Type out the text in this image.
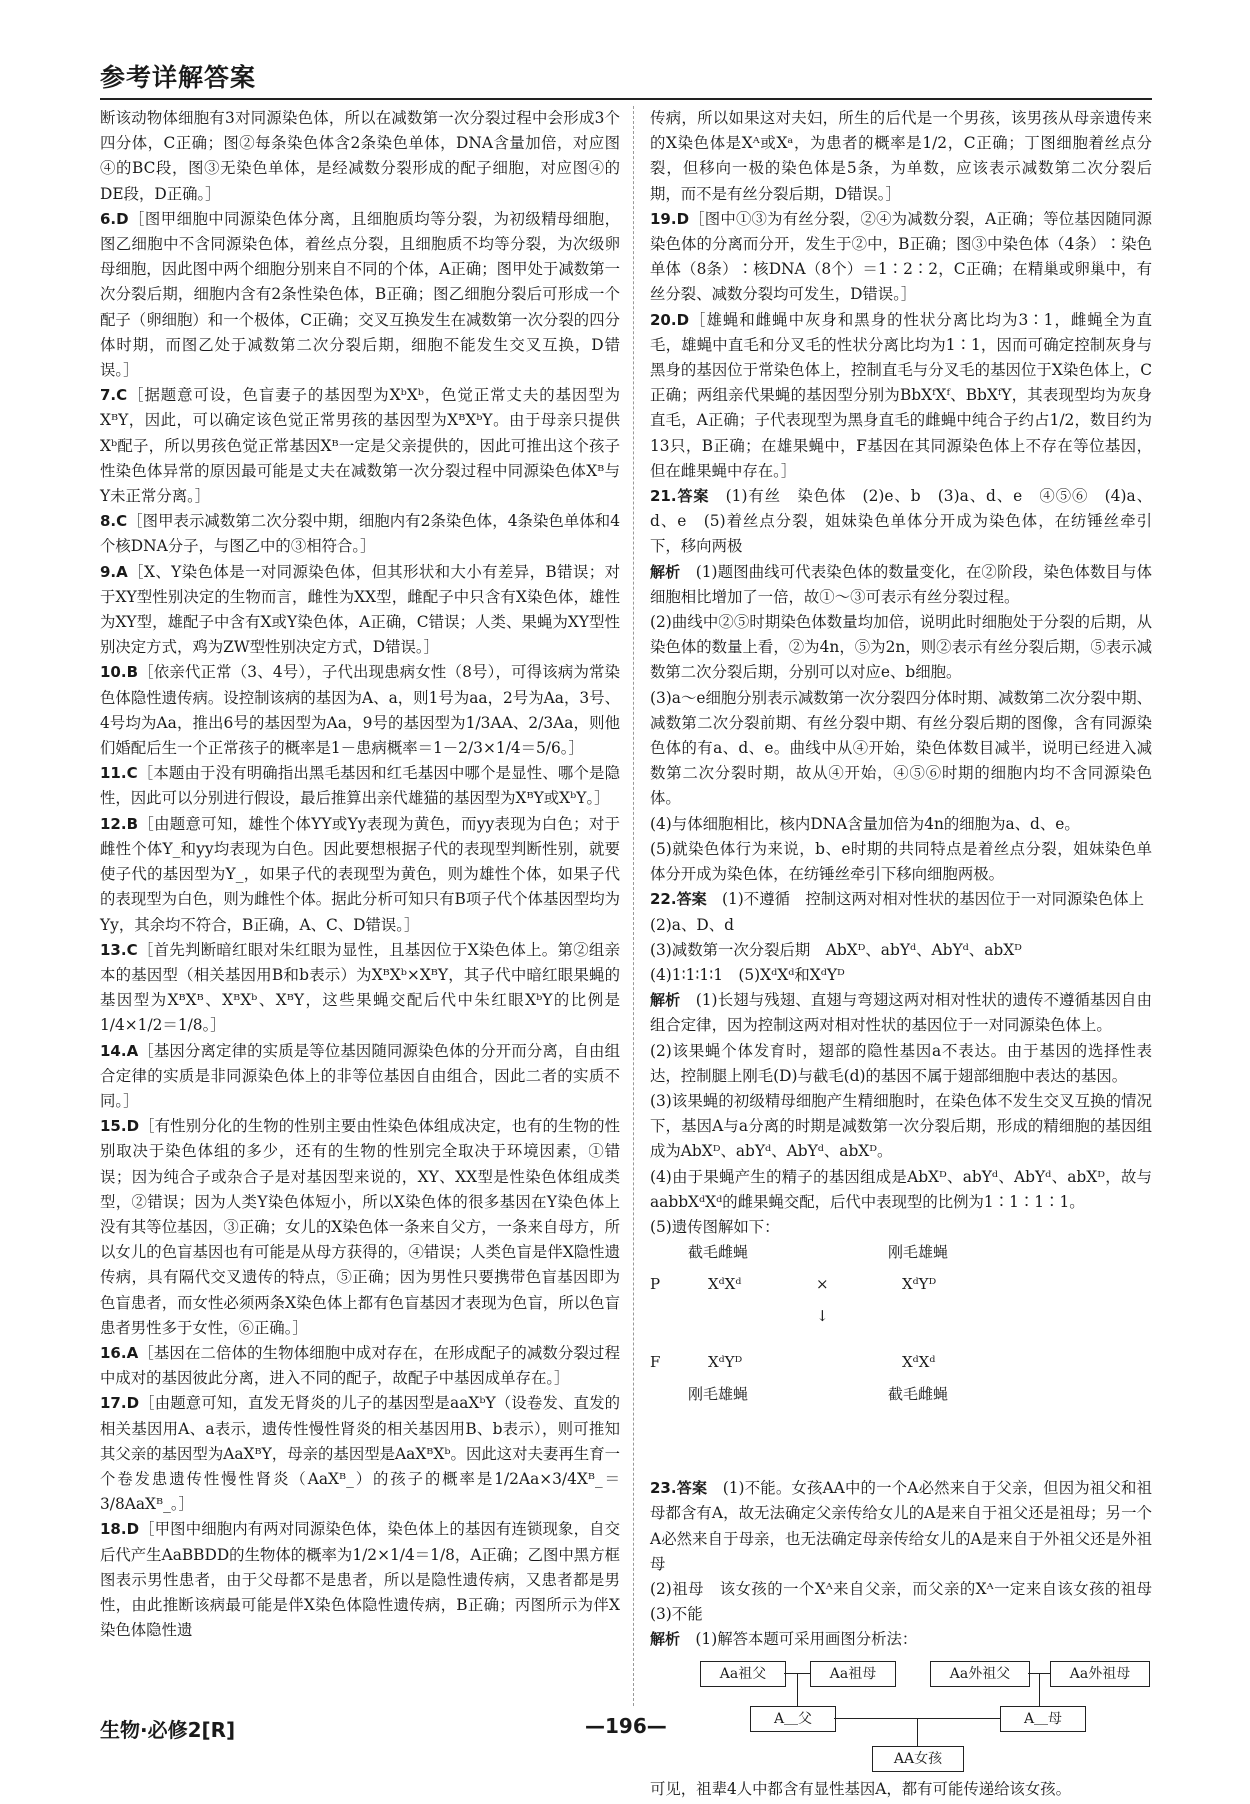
参考详解答案

断该动物体细胞有3对同源染色体，所以在减数第一次分裂过程中会形成3个四分体，C正确；图②每条染色体含2条染色单体，DNA含量加倍，对应图④的BC段，图③无染色单体，是经减数分裂形成的配子细胞，对应图④的DE段，D正确。］

6.D［图甲细胞中同源染色体分离，且细胞质均等分裂，为初级精母细胞，图乙细胞中不含同源染色体，着丝点分裂，且细胞质不均等分裂，为次级卵母细胞，因此图中两个细胞分别来自不同的个体，A正确；图甲处于减数第一次分裂后期，细胞内含有2条性染色体，B正确；图乙细胞分裂后可形成一个配子（卵细胞）和一个极体，C正确；交叉互换发生在减数第一次分裂的四分体时期，而图乙处于减数第二次分裂后期，细胞不能发生交叉互换，D错误。］

7.C［据题意可设，色盲妻子的基因型为XᵇXᵇ，色觉正常丈夫的基因型为XᴮY，因此，可以确定该色觉正常男孩的基因型为XᴮXᵇY。由于母亲只提供Xᵇ配子，所以男孩色觉正常基因Xᴮ一定是父亲提供的，因此可推出这个孩子性染色体异常的原因最可能是丈夫在减数第一次分裂过程中同源染色体Xᴮ与Y未正常分离。］

8.C［图甲表示减数第二次分裂中期，细胞内有2条染色体，4条染色单体和4个核DNA分子，与图乙中的③相符合。］

9.A［X、Y染色体是一对同源染色体，但其形状和大小有差异，B错误；对于XY型性别决定的生物而言，雌性为XX型，雌配子中只含有X染色体，雄性为XY型，雄配子中含有X或Y染色体，A正确，C错误；人类、果蝇为XY型性别决定方式，鸡为ZW型性别决定方式，D错误。］

10.B［依亲代正常（3、4号），子代出现患病女性（8号），可得该病为常染色体隐性遗传病。设控制该病的基因为A、a，则1号为aa，2号为Aa，3号、4号均为Aa，推出6号的基因型为Aa，9号的基因型为1/3AA、2/3Aa，则他们婚配后生一个正常孩子的概率是1－患病概率＝1－2/3×1/4＝5/6。］

11.C［本题由于没有明确指出黑毛基因和红毛基因中哪个是显性、哪个是隐性，因此可以分别进行假设，最后推算出亲代雄猫的基因型为XᴮY或XᵇY。］

12.B［由题意可知，雄性个体YY或Yy表现为黄色，而yy表现为白色；对于雌性个体Y_和yy均表现为白色。因此要想根据子代的表现型判断性别，就要使子代的基因型为Y_，如果子代的表现型为黄色，则为雄性个体，如果子代的表现型为白色，则为雌性个体。据此分析可知只有B项子代个体基因型均为Yy，其余均不符合，B正确，A、C、D错误。］

13.C［首先判断暗红眼对朱红眼为显性，且基因位于X染色体上。第②组亲本的基因型（相关基因用B和b表示）为XᴮXᵇ×XᴮY，其子代中暗红眼果蝇的基因型为XᴮXᴮ、XᴮXᵇ、XᴮY，这些果蝇交配后代中朱红眼XᵇY的比例是1/4×1/2＝1/8。］

14.A［基因分离定律的实质是等位基因随同源染色体的分开而分离，自由组合定律的实质是非同源染色体上的非等位基因自由组合，因此二者的实质不同。］

15.D［有性别分化的生物的性别主要由性染色体组成决定，也有的生物的性别取决于染色体组的多少，还有的生物的性别完全取决于环境因素，①错误；因为纯合子或杂合子是对基因型来说的，XY、XX型是性染色体组成类型，②错误；因为人类Y染色体短小，所以X染色体的很多基因在Y染色体上没有其等位基因，③正确；女儿的X染色体一条来自父方，一条来自母方，所以女儿的色盲基因也有可能是从母方获得的，④错误；人类色盲是伴X隐性遗传病，具有隔代交叉遗传的特点，⑤正确；因为男性只要携带色盲基因即为色盲患者，而女性必须两条X染色体上都有色盲基因才表现为色盲，所以色盲患者男性多于女性，⑥正确。］

16.A［基因在二倍体的生物体细胞中成对存在，在形成配子的减数分裂过程中成对的基因彼此分离，进入不同的配子，故配子中基因成单存在。］

17.D［由题意可知，直发无肾炎的儿子的基因型是aaXᵇY（设卷发、直发的相关基因用A、a表示，遗传性慢性肾炎的相关基因用B、b表示），则可推知其父亲的基因型为AaXᴮY，母亲的基因型是AaXᴮXᵇ。因此这对夫妻再生育一个卷发患遗传性慢性肾炎（AaXᴮ_）的孩子的概率是1/2Aa×3/4Xᴮ_＝3/8AaXᴮ_。］

18.D［甲图中细胞内有两对同源染色体，染色体上的基因有连锁现象，自交后代产生AaBBDD的生物体的概率为1/2×1/4＝1/8，A正确；乙图中黑方框图表示男性患者，由于父母都不是患者，所以是隐性遗传病，又患者都是男性，由此推断该病最可能是伴X染色体隐性遗传病，B正确；丙图所示为伴X染色体隐性遗

传病，所以如果这对夫妇，所生的后代是一个男孩，该男孩从母亲遗传来的X染色体是Xᴬ或Xᵃ，为患者的概率是1/2，C正确；丁图细胞着丝点分裂，但移向一极的染色体是5条，为单数，应该表示减数第二次分裂后期，而不是有丝分裂后期，D错误。］

19.D［图中①③为有丝分裂，②④为减数分裂，A正确；等位基因随同源染色体的分离而分开，发生于②中，B正确；图③中染色体（4条）∶染色单体（8条）∶核DNA（8个）＝1∶2∶2，C正确；在精巢或卵巢中，有丝分裂、减数分裂均可发生，D错误。］

20.D［雄蝇和雌蝇中灰身和黑身的性状分离比均为3∶1，雌蝇全为直毛，雄蝇中直毛和分叉毛的性状分离比均为1∶1，因而可确定控制灰身与黑身的基因位于常染色体上，控制直毛与分叉毛的基因位于X染色体上，C正确；两组亲代果蝇的基因型分别为BbXᶠXᶠ、BbXᶠY，其表现型均为灰身直毛，A正确；子代表现型为黑身直毛的雌蝇中纯合子约占1/2，数目约为13只，B正确；在雄果蝇中，F基因在其同源染色体上不存在等位基因，但在雌果蝇中存在。］

21.答案　 (1)有丝　染色体　(2)e、b　(3)a、d、e　④⑤⑥　(4)a、d、e　(5)着丝点分裂，姐妹染色单体分开成为染色体，在纺锤丝牵引下，移向两极

解析　 (1)题图曲线可代表染色体的数量变化，在②阶段，染色体数目与体细胞相比增加了一倍，故①～③可表示有丝分裂过程。

(2)曲线中②⑤时期染色体数量均加倍，说明此时细胞处于分裂的后期，从染色体的数量上看，②为4n，⑤为2n，则②表示有丝分裂后期，⑤表示减数第二次分裂后期，分别可以对应e、b细胞。

(3)a～e细胞分别表示减数第一次分裂四分体时期、减数第二次分裂中期、减数第二次分裂前期、有丝分裂中期、有丝分裂后期的图像，含有同源染色体的有a、d、e。曲线中从④开始，染色体数目减半，说明已经进入减数第二次分裂时期，故从④开始，④⑤⑥时期的细胞内均不含同源染色体。

(4)与体细胞相比，核内DNA含量加倍为4n的细胞为a、d、e。

(5)就染色体行为来说，b、e时期的共同特点是着丝点分裂，姐妹染色单体分开成为染色体，在纺锤丝牵引下移向细胞两极。

22.答案　 (1)不遵循　控制这两对相对性状的基因位于一对同源染色体上

(2)a、D、d

(3)减数第一次分裂后期　AbXᴰ、abYᵈ、AbYᵈ、abXᴰ

(4)1∶1∶1∶1　(5)XᵈXᵈ和XᵈYᴰ

解析　 (1)长翅与残翅、直翅与弯翅这两对相对性状的遗传不遵循基因自由组合定律，因为控制这两对相对性状的基因位于一对同源染色体上。

(2)该果蝇个体发育时，翅部的隐性基因a不表达。由于基因的选择性表达，控制腿上刚毛(D)与截毛(d)的基因不属于翅部细胞中表达的基因。

(3)该果蝇的初级精母细胞产生精细胞时，在染色体不发生交叉互换的情况下，基因A与a分离的时期是减数第一次分裂后期，形成的精细胞的基因组成为AbXᴰ、abYᵈ、AbYᵈ、abXᴰ。

(4)由于果蝇产生的精子的基因组成是AbXᴰ、abYᵈ、AbYᵈ、abXᴰ，故与aabbXᵈXᵈ的雌果蝇交配，后代中表现型的比例为1∶1∶1∶1。

(5)遗传图解如下：

截毛雌蝇	刚毛雄蝇
P	XᵈXᵈ	×	XᵈYᴰ
↓
F	XᵈYᴰ	XᵈXᵈ
刚毛雄蝇	截毛雌蝇

23.答案　 (1)不能。女孩AA中的一个A必然来自于父亲，但因为祖父和祖母都含有A，故无法确定父亲传给女儿的A是来自于祖父还是祖母；另一个A必然来自于母亲，也无法确定母亲传给女儿的A是来自于外祖父还是外祖母

(2)祖母　该女孩的一个Xᴬ来自父亲，而父亲的Xᴬ一定来自该女孩的祖母　(3)不能

解析　 (1)解答本题可采用画图分析法：

Aa祖父	Aa祖母	Aa外祖父	Aa外祖母
A＿父	A＿母
AA女孩

可见，祖辈4人中都含有显性基因A，都有可能传递给该女孩。

生物·必修2[R]	—196—
